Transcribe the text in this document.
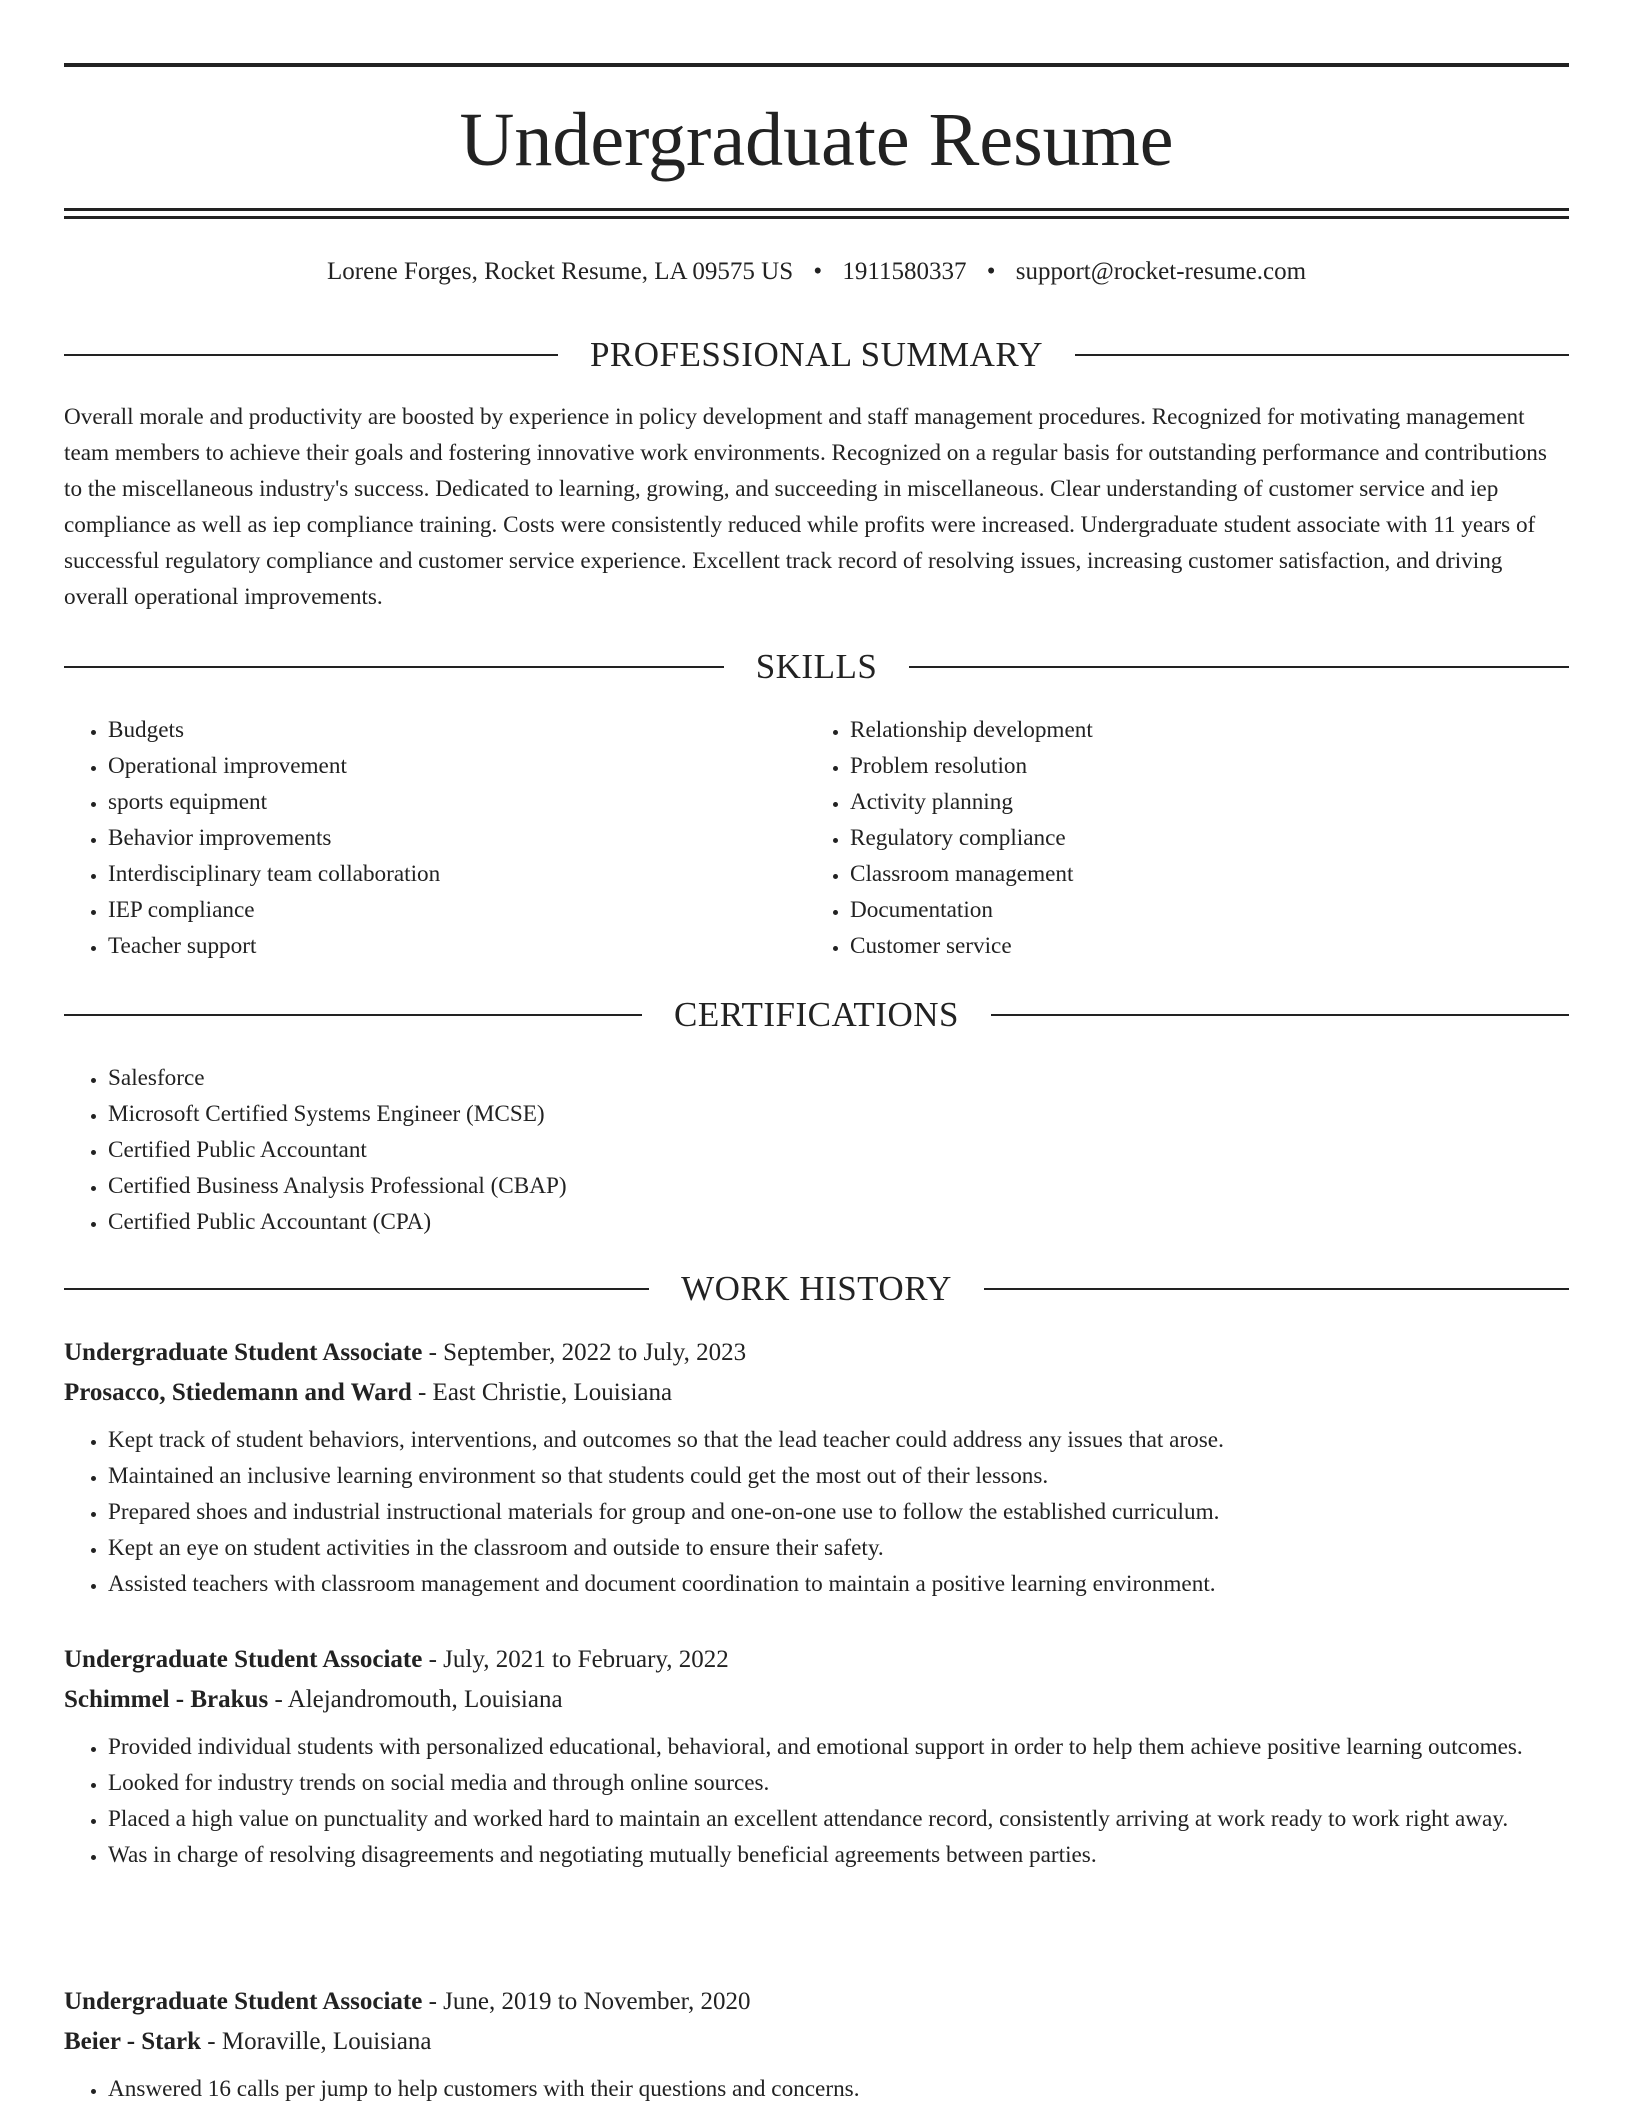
Undergraduate Resume
Lorene Forges, Rocket Resume, LA 09575 US • 1911580337 • support@rocket-resume.com
PROFESSIONAL SUMMARY

Overall morale and productivity are boosted by experience in policy development and staff management procedures. Recognized for motivating management team members to achieve their goals and fostering innovative work environments. Recognized on a regular basis for outstanding performance and contributions to the miscellaneous industry's success. Dedicated to learning, growing, and succeeding in miscellaneous. Clear understanding of customer service and iep compliance as well as iep compliance training. Costs were consistently reduced while profits were increased. Undergraduate student associate with 11 years of successful regulatory compliance and customer service experience. Excellent track record of resolving issues, increasing customer satisfaction, and driving overall operational improvements.

SKILLS
• Budgets
• Operational improvement
• sports equipment
• Behavior improvements
• Interdisciplinary team collaboration
• IEP compliance
• Teacher support
• Relationship development
• Problem resolution
• Activity planning
• Regulatory compliance
• Classroom management
• Documentation
• Customer service
CERTIFICATIONS
• Salesforce
• Microsoft Certified Systems Engineer (MCSE)
• Certified Public Accountant
• Certified Business Analysis Professional (CBAP)
• Certified Public Accountant (CPA)
WORK HISTORY
Undergraduate Student Associate - September, 2022 to July, 2023
Prosacco, Stiedemann and Ward - East Christie, Louisiana
• Kept track of student behaviors, interventions, and outcomes so that the lead teacher could address any issues that arose.
• Maintained an inclusive learning environment so that students could get the most out of their lessons.
• Prepared shoes and industrial instructional materials for group and one-on-one use to follow the established curriculum.
• Kept an eye on student activities in the classroom and outside to ensure their safety.
• Assisted teachers with classroom management and document coordination to maintain a positive learning environment.
Undergraduate Student Associate - July, 2021 to February, 2022
Schimmel - Brakus - Alejandromouth, Louisiana
• Provided individual students with personalized educational, behavioral, and emotional support in order to help them achieve positive learning outcomes.
• Looked for industry trends on social media and through online sources.
• Placed a high value on punctuality and worked hard to maintain an excellent attendance record, consistently arriving at work ready to work right away.
• Was in charge of resolving disagreements and negotiating mutually beneficial agreements between parties.
Undergraduate Student Associate - June, 2019 to November, 2020
Beier - Stark - Moraville, Louisiana
• Answered 16 calls per jump to help customers with their questions and concerns.
